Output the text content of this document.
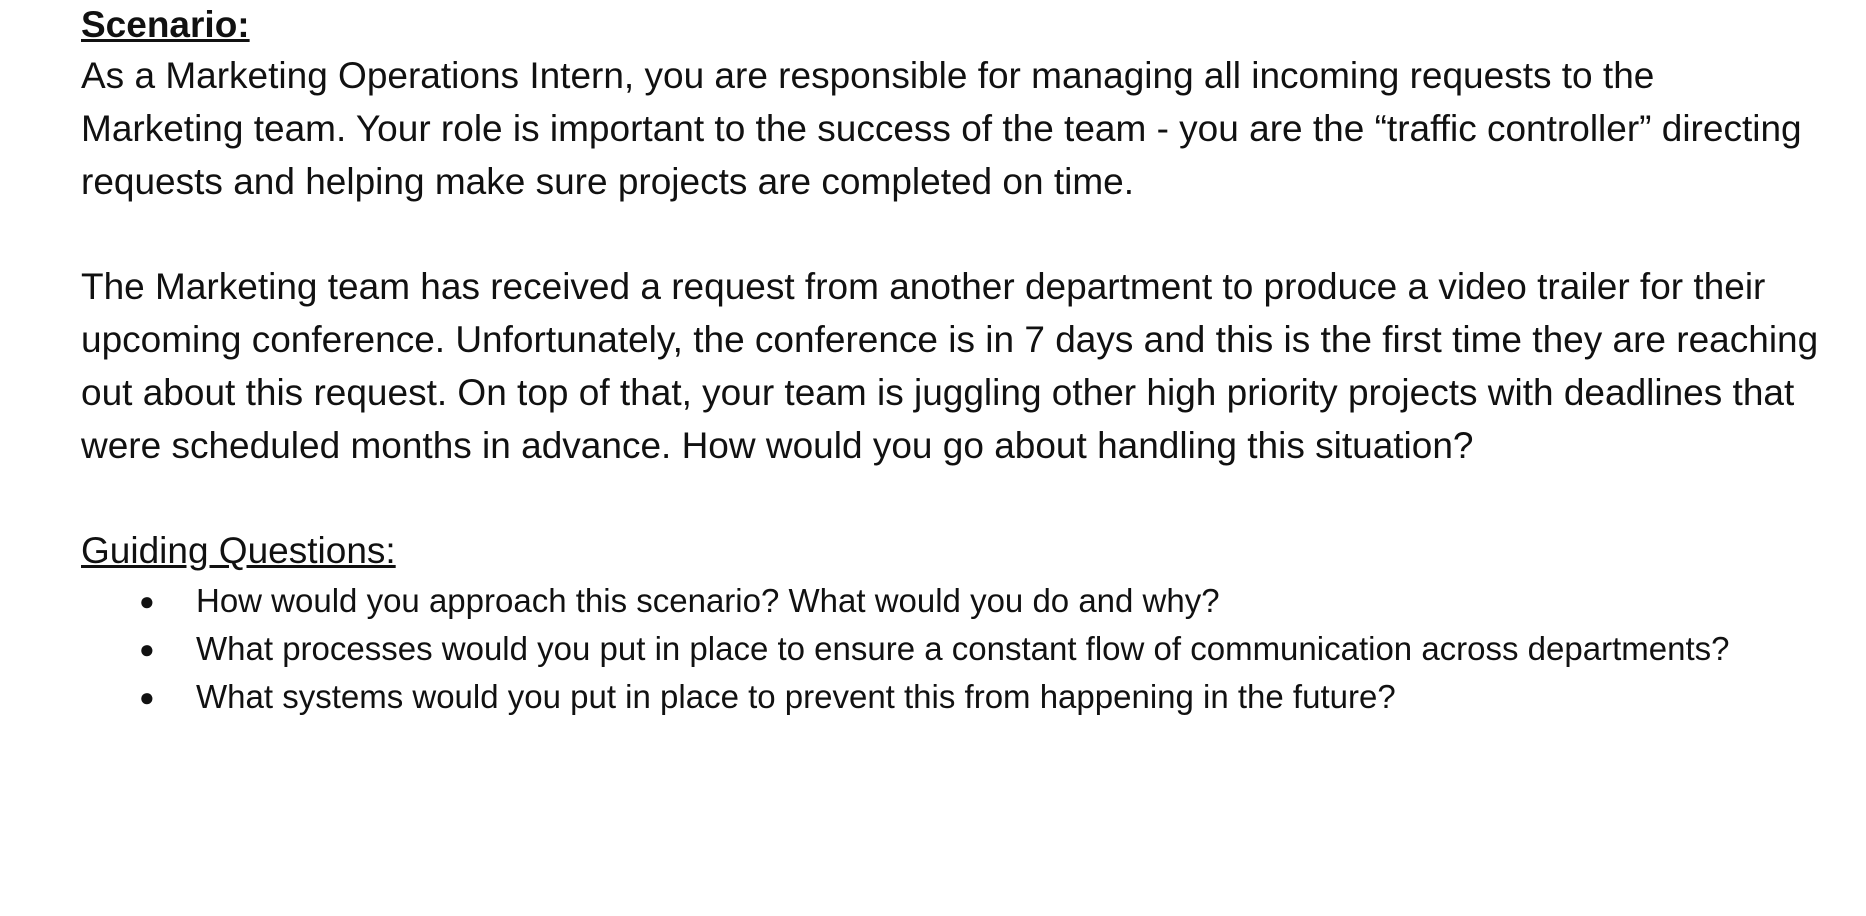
Scenario:

As a Marketing Operations Intern, you are responsible for managing all incoming requests to the Marketing team. Your role is important to the success of the team - you are the “traffic controller” directing requests and helping make sure projects are completed on time.

The Marketing team has received a request from another department to produce a video trailer for their upcoming conference. Unfortunately, the conference is in 7 days and this is the first time they are reaching out about this request. On top of that, your team is juggling other high priority projects with deadlines that were scheduled months in advance. How would you go about handling this situation?

Guiding Questions:
● How would you approach this scenario? What would you do and why?
● What processes would you put in place to ensure a constant flow of communication across departments?
● What systems would you put in place to prevent this from happening in the future?
